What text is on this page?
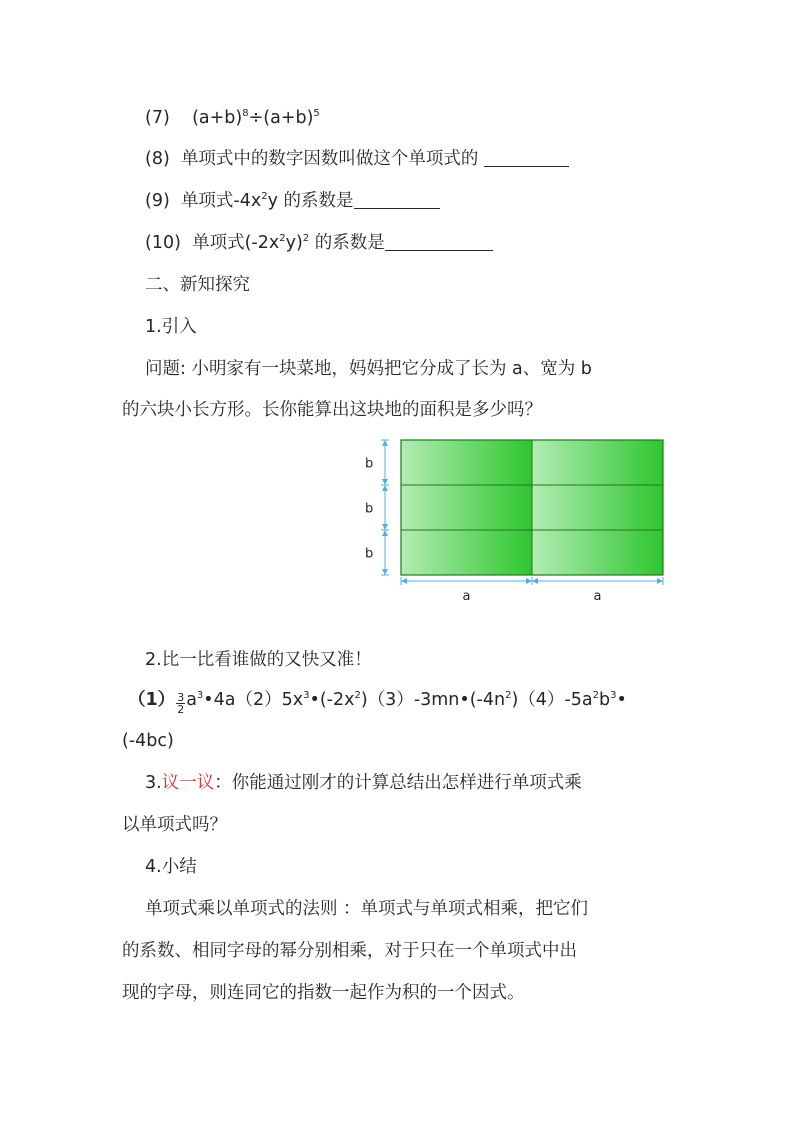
(7) $(a+b)^8\div(a+b)^5$
(8) 单项式中的数字因数叫做这个单项式的
(9) 单项式$-4x^2y$ 的系数是
(10) 单项式$(-2x^2y)^2$ 的系数是
二、新知探究
1.引入
问题: 小明家有一块菜地，妈妈把它分成了长为 a、宽为 b
的六块小长方形。长你能算出这块地的面积是多少吗？
b
b
b
a	a
2.比一比看谁做的又快又准！
$(1) \frac{3}{2}$ $a^3•4a(2)5x^3•(-2x^2)(3)-3mn•(-4n^2)(4)-5a^2b^3•$
(-4bc)
3.议一议：你能通过刚才的计算总结出怎样进行单项式乘
以单项式吗？
4.小结
单项式乘以单项式的法则 ：单项式与单项式相乘，把它们
的系数、相同字母的幂分别相乘，对于只在一个单项式中出
现的字母，则连同它的指数一起作为积的一个因式。
